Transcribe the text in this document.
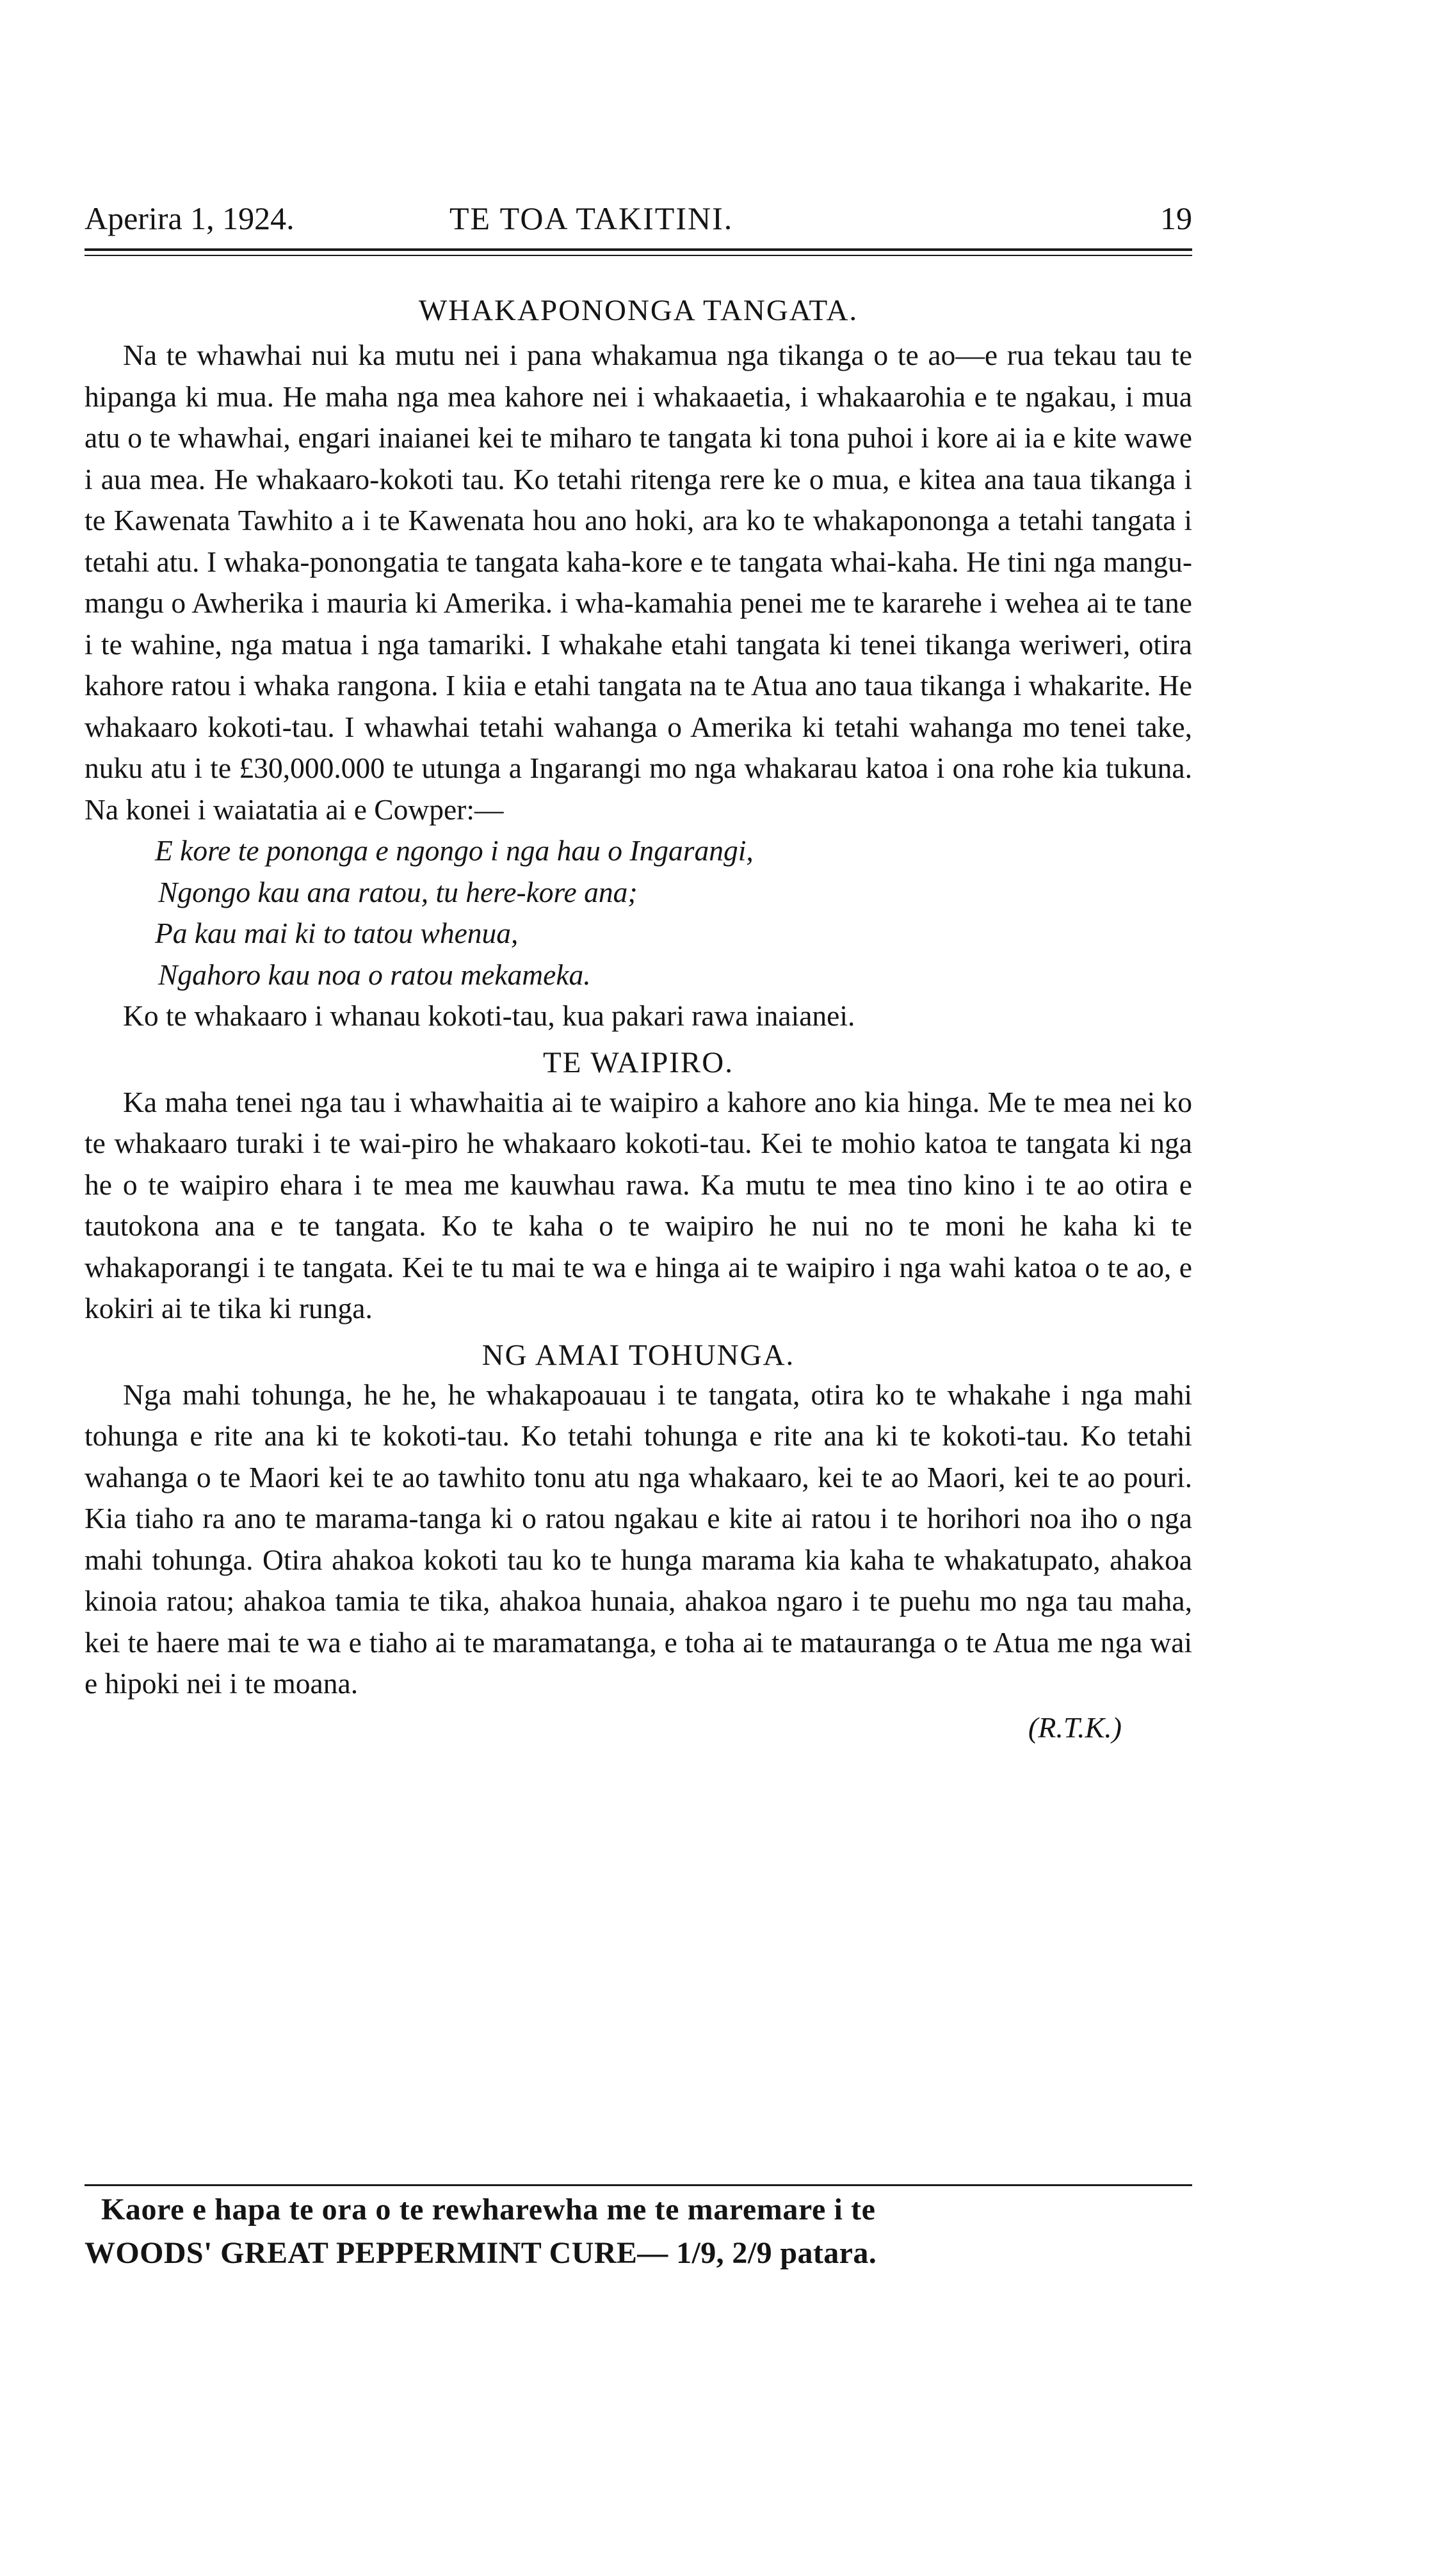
Aperira 1, 1924.	TE TOA TAKITINI.	19
WHAKAPONONGA TANGATA.

Na te whawhai nui ka mutu nei i pana whakamua nga tikanga o te ao—e rua tekau tau te hipanga ki mua. He maha nga mea kahore nei i whakaaetia, i whakaarohia e te ngakau, i mua atu o te whawhai, engari inaianei kei te miharo te tangata ki tona puhoi i kore ai ia e kite wawe i aua mea. He whakaaro-kokoti tau. Ko tetahi ritenga rere ke o mua, e kitea ana taua tikanga i te Kawenata Tawhito a i te Kawenata hou ano hoki, ara ko te whakapononga a tetahi tangata i tetahi atu. I whaka-ponongatia te tangata kaha-kore e te tangata whai-kaha. He tini nga mangu-mangu o Awherika i mauria ki Amerika. i wha-kamahia penei me te kararehe i wehea ai te tane i te wahine, nga matua i nga tamariki. I whakahe etahi tangata ki tenei tikanga weriweri, otira kahore ratou i whaka rangona. I kiia e etahi tangata na te Atua ano taua tikanga i whakarite. He whakaaro kokoti-tau. I whawhai tetahi wahanga o Amerika ki tetahi wahanga mo tenei take, nuku atu i te £30,000.000 te utunga a Ingarangi mo nga whakarau katoa i ona rohe kia tukuna. Na konei i waiatatia ai e Cowper:—

E kore te pononga e ngongo i nga hau o Ingarangi,
Ngongo kau ana ratou, tu here-kore ana;
Pa kau mai ki to tatou whenua,
Ngahoro kau noa o ratou mekameka.

Ko te whakaaro i whanau kokoti-tau, kua pakari rawa inaianei.

TE WAIPIRO.

Ka maha tenei nga tau i whawhaitia ai te waipiro a kahore ano kia hinga. Me te mea nei ko te whakaaro turaki i te wai-piro he whakaaro kokoti-tau. Kei te mohio katoa te tangata ki nga he o te waipiro ehara i te mea me kauwhau rawa. Ka mutu te mea tino kino i te ao otira e tautokona ana e te tangata. Ko te kaha o te waipiro he nui no te moni he kaha ki te whakaporangi i te tangata. Kei te tu mai te wa e hinga ai te waipiro i nga wahi katoa o te ao, e kokiri ai te tika ki runga.

NG AMAI TOHUNGA.

Nga mahi tohunga, he he, he whakapoauau i te tangata, otira ko te whakahe i nga mahi tohunga e rite ana ki te kokoti-tau. Ko tetahi tohunga e rite ana ki te kokoti-tau. Ko tetahi wahanga o te Maori kei te ao tawhito tonu atu nga whakaaro, kei te ao Maori, kei te ao pouri. Kia tiaho ra ano te marama-tanga ki o ratou ngakau e kite ai ratou i te horihori noa iho o nga mahi tohunga. Otira ahakoa kokoti tau ko te hunga marama kia kaha te whakatupato, ahakoa kinoia ratou; ahakoa tamia te tika, ahakoa hunaia, ahakoa ngaro i te puehu mo nga tau maha, kei te haere mai te wa e tiaho ai te maramatanga, e toha ai te matauranga o te Atua me nga wai e hipoki nei i te moana.

(R.T.K.)
Kaore e hapa te ora o te rewharewha me te maremare i te
WOODS' GREAT PEPPERMINT CURE— 1/9, 2/9 patara.
